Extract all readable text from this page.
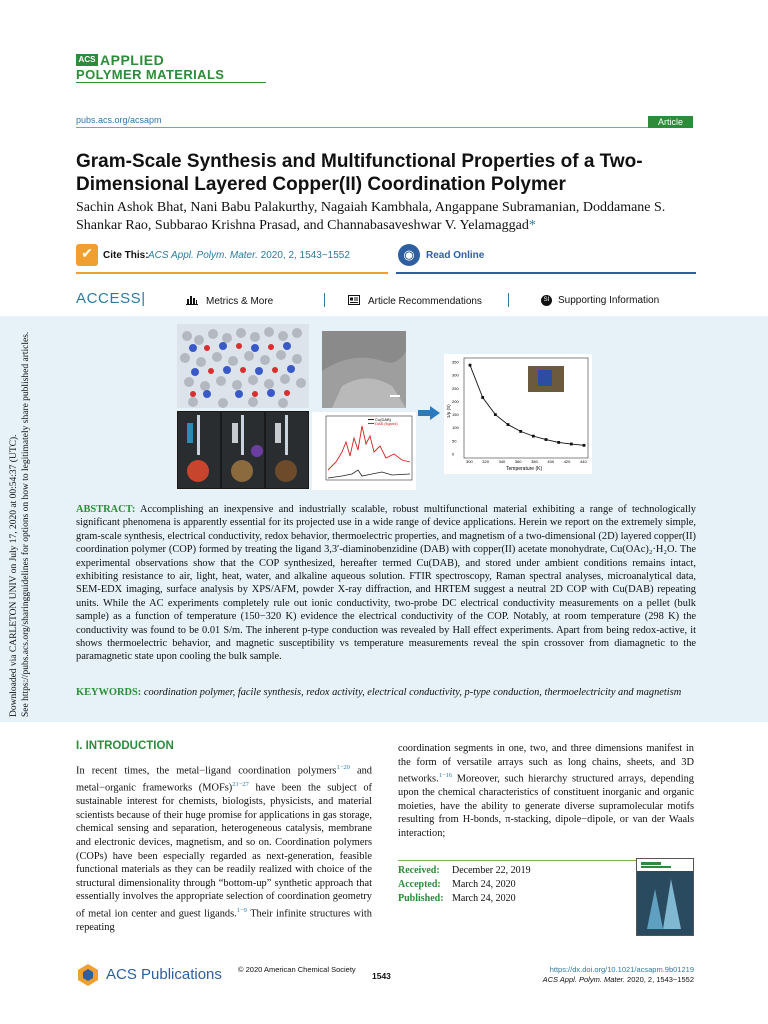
ACS APPLIED
POLYMER MATERIALS
pubs.acs.org/acsapm	Article
Gram-Scale Synthesis and Multifunctional Properties of a Two-Dimensional Layered Copper(II) Coordination Polymer
Sachin Ashok Bhat, Nani Babu Palakurthy, Nagaiah Kambhala, Angappane Subramanian, Doddamane S. Shankar Rao, Subbarao Krishna Prasad, and Channabasaveshwar V. Yelamaggad*
✔	Cite This: ACS Appl. Polym. Mater. 2020, 2, 1543−1552	◉	Read Online
ACCESS|	Metrics & More	Article Recommendations	SI Supporting Information
Cu(DAB)
DAB (ligand)
1/ρ (S)
Temperature (K)
350
300
250
200
150
100
50
0
300 320 340 360 380 400 420 440
ABSTRACT: Accomplishing an inexpensive and industrially scalable, robust multifunctional material exhibiting a range of technologically significant phenomena is apparently essential for its projected use in a wide range of device applications. Herein we report on the extremely simple, gram-scale synthesis, electrical conductivity, redox behavior, thermoelectric properties, and magnetism of a two-dimensional (2D) layered copper(II) coordination polymer (COP) formed by treating the ligand 3,3′-diaminobenzidine (DAB) with copper(II) acetate monohydrate, Cu(OAc)₂·H₂O. The experimental observations show that the COP synthesized, hereafter termed Cu(DAB), and stored under ambient conditions remains intact, exhibiting resistance to air, light, heat, water, and alkaline aqueous solution. FTIR spectroscopy, Raman spectral analyses, microanalytical data, SEM-EDX imaging, surface analysis by XPS/AFM, powder X-ray diffraction, and HRTEM suggest a neutral 2D COP with Cu(DAB) repeating units. While the AC experiments completely rule out ionic conductivity, two-probe DC electrical conductivity measurements on a pellet (bulk sample) as a function of temperature (150−320 K) evidence the electrical conductivity of the COP. Notably, at room temperature (298 K) the conductivity was found to be 0.01 S/m. The inherent p-type conduction was revealed by Hall effect experiments. Apart from being redox-active, it shows thermoelectric behavior, and magnetic susceptibility vs temperature measurements reveal the spin crossover from diamagnetic to the paramagnetic state upon cooling the bulk sample.
KEYWORDS: coordination polymer, facile synthesis, redox activity, electrical conductivity, p-type conduction, thermoelectricity and magnetism
Downloaded via CARLETON UNIV on July 17, 2020 at 00:54:37 (UTC). See https://pubs.acs.org/sharingguidelines for options on how to legitimately share published articles.
I. INTRODUCTION
In recent times, the metal−ligand coordination polymers$^{1-20}$ and metal−organic frameworks (MOFs)$^{21-27}$ have been the subject of sustainable interest for chemists, biologists, physicists, and material scientists because of their huge promise for applications in gas storage, chemical sensing and separation, heterogeneous catalysis, membrane and electronic devices, magnetism, and so on. Coordination polymers (COPs) have been especially regarded as next-generation, feasible functional materials as they can be readily realized with choice of the structural dimensionality through “bottom-up” synthetic approach that essentially involves the appropriate selection of coordination geometry of metal ion center and guest ligands.$^{1-9}$ Their infinite structures with repeating
coordination segments in one, two, and three dimensions manifest in the form of versatile arrays such as long chains, sheets, and 3D networks.$^{1-16}$ Moreover, such hierarchy structured arrays, depending upon the chemical characteristics of constituent inorganic and organic moieties, have the ability to generate diverse supramolecular motifs resulting from H-bonds, π-stacking, dipole−dipole, or van der Waals interaction;
Received: December 22, 2019
Accepted: March 24, 2020
Published: March 24, 2020
ACS Publications © 2020 American Chemical Society
1543
https://dx.doi.org/10.1021/acsapm.9b01219
ACS Appl. Polym. Mater. 2020, 2, 1543−1552
